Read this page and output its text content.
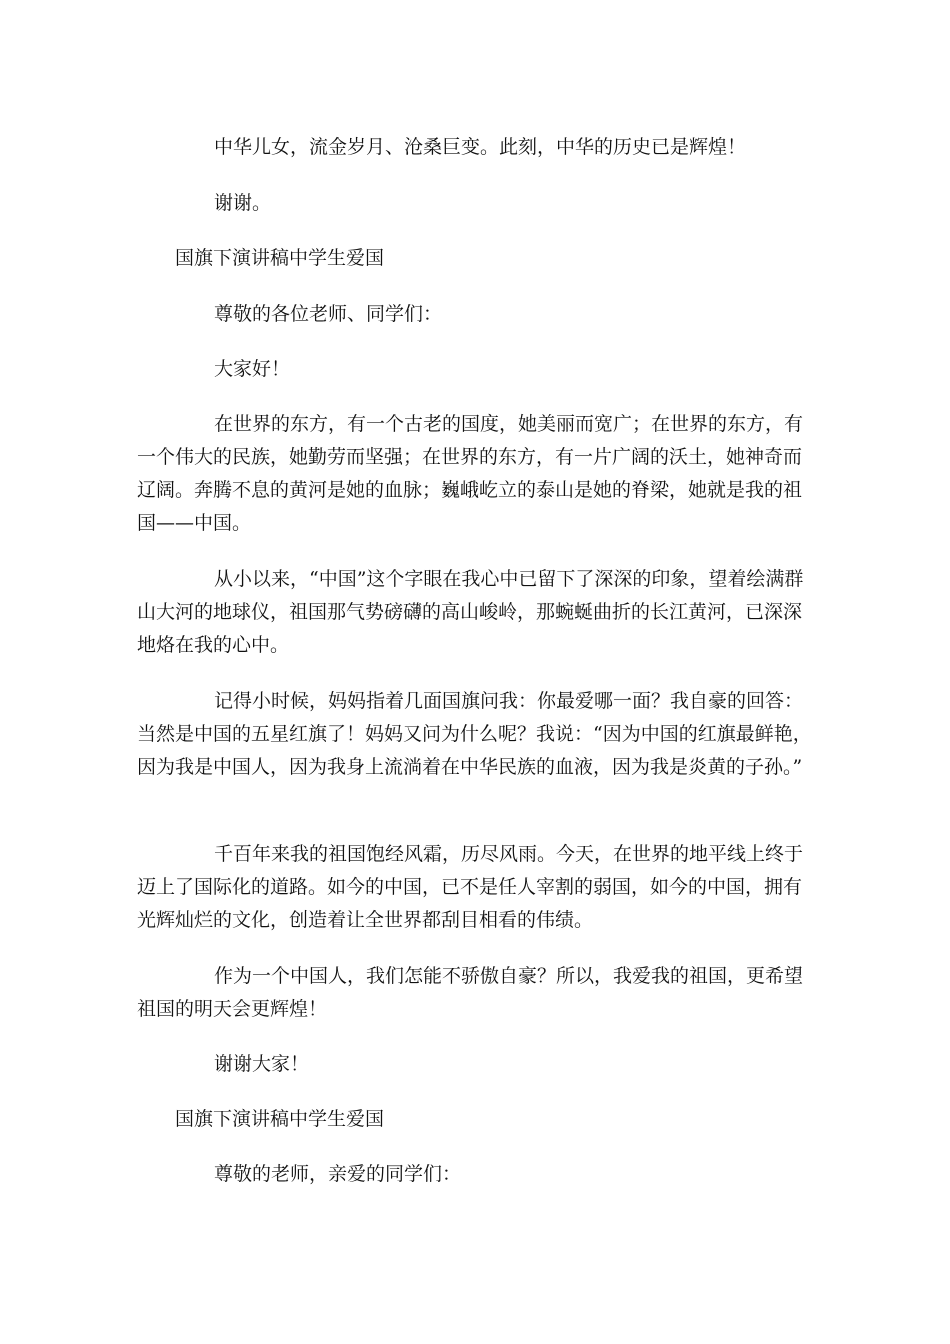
中华儿女，流金岁月、沧桑巨变。此刻，中华的历史已是辉煌！

谢谢。

国旗下演讲稿中学生爱国

尊敬的各位老师、同学们：

大家好！

在世界的东方，有一个古老的国度，她美丽而宽广；在世界的东方，有一个伟大的民族，她勤劳而坚强；在世界的东方，有一片广阔的沃土，她神奇而辽阔。奔腾不息的黄河是她的血脉；巍峨屹立的泰山是她的脊梁，她就是我的祖国——中国。

从小以来，“中国”这个字眼在我心中已留下了深深的印象，望着绘满群山大河的地球仪，祖国那气势磅礴的高山峻岭，那蜿蜒曲折的长江黄河，已深深地烙在我的心中。

记得小时候，妈妈指着几面国旗问我：你最爱哪一面？我自豪的回答：当然是中国的五星红旗了！妈妈又问为什么呢？我说：“因为中国的红旗最鲜艳，因为我是中国人，因为我身上流淌着在中华民族的血液，因为我是炎黄的子孙。”

千百年来我的祖国饱经风霜，历尽风雨。今天，在世界的地平线上终于迈上了国际化的道路。如今的中国，已不是任人宰割的弱国，如今的中国，拥有光辉灿烂的文化，创造着让全世界都刮目相看的伟绩。

作为一个中国人，我们怎能不骄傲自豪？所以，我爱我的祖国，更希望祖国的明天会更辉煌！

谢谢大家！

国旗下演讲稿中学生爱国

尊敬的老师，亲爱的同学们：
